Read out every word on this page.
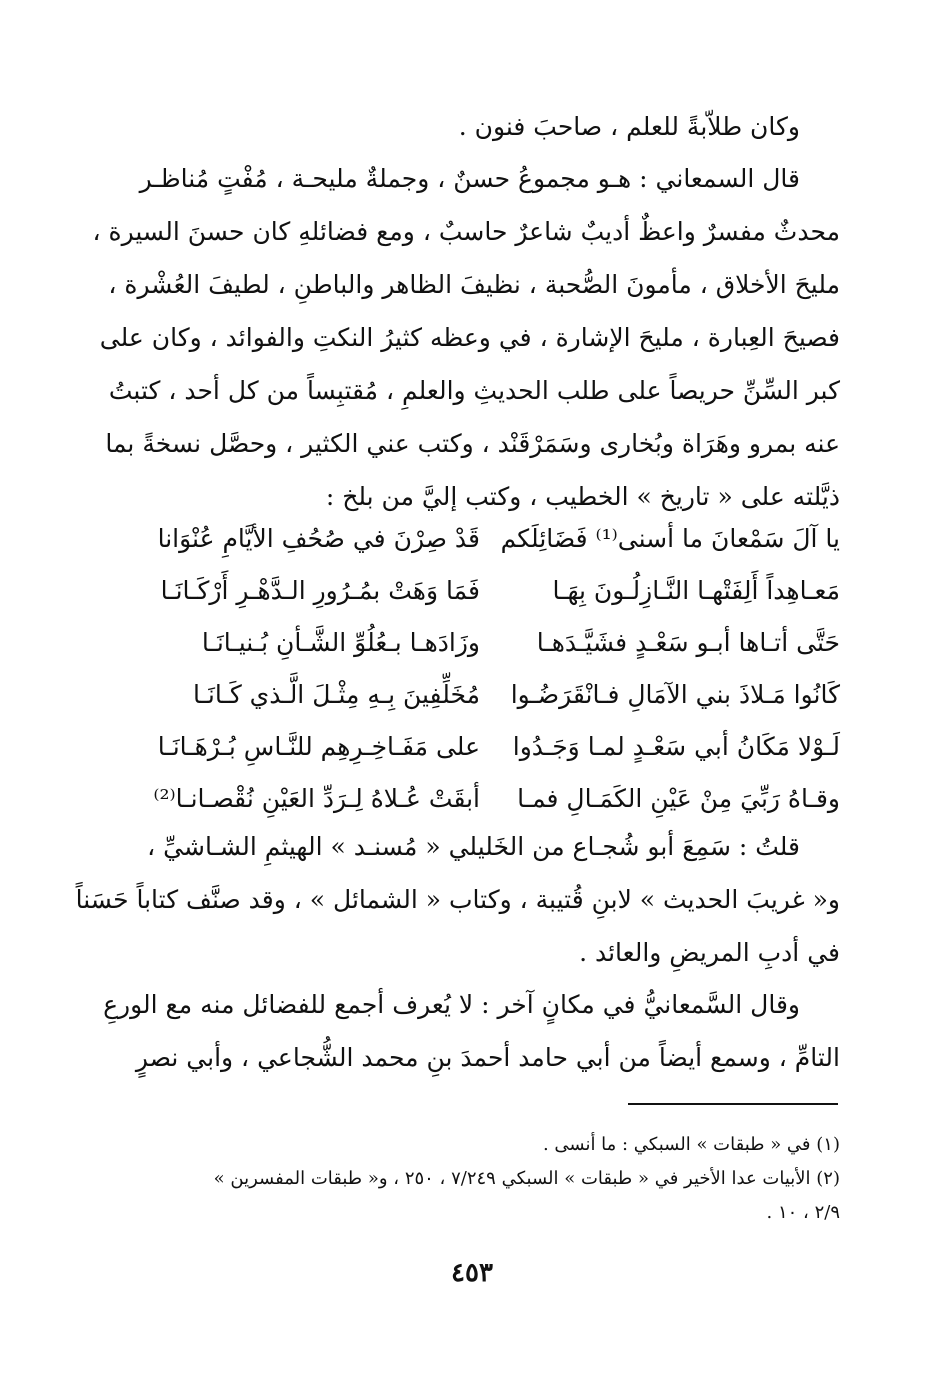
وكان طلاّبةً للعلم ، صاحبَ فنون .
قال السمعاني : هـو مجموعُ حسنٌ ، وجملةٌ مليحـة ، مُفْتٍ مُناظـر
محدثٌ مفسرٌ واعظٌ أديبٌ شاعرٌ حاسبٌ ، ومع فضائلهِ كان حسنَ السيرة ،
مليحَ الأخلاق ، مأمونَ الصُّحبة ، نظيفَ الظاهر والباطنِ ، لطيفَ العُشْرة ،
فصيحَ العِبارة ، مليحَ الإشارة ، في وعظه كثيرُ النكتِ والفوائد ، وكان على
كبر السِّنِّ حريصاً على طلب الحديثِ والعلمِ ، مُقتبِساً من كل أحد ، كتبتُ
عنه بمرو وهَرَاة وبُخارى وسَمَرْقَنْد ، وكتب عني الكثير ، وحصَّل نسخةً بما
ذيَّلته على « تاريخ » الخطيب ، وكتب إليَّ من بلخ :
يا آلَ سَمْعانَ ما أسنى⁽¹⁾ فَضَائِلَكم
قَدْ صِرْنَ في صُحُفِ الأيَّامِ عُنْوَانا
مَعـاهِداً أَلِفَتْهـا النَّـازِلُـونَ بِهَـا
فَمَا وَهَتْ بمُـرُورِ الـدَّهْـرِ أَرْكَـانَـا
حَتَّى أتـاها أبـو سَعْـدٍ فشَيَّـدَهـا
وزَادَهـا بـعُلُوِّ الشَّـأنِ بُـنيـانَـا
كَانُوا مَـلاذَ بني الآمَالِ فـانْقَرَضُـوا
مُخَلِّفِينَ بِـهِ مِثْـلَ الَّـذي كَـانَـا
لَـوْلا مَكَانُ أبي سَعْـدٍ لمـا وَجَـدُوا
على مَفَـاخِـرِهِم للنَّـاسِ بُـرْهَـانَـا
وقـاهُ رَبِّيَ مِنْ عَيْنِ الكَمَـالِ فمـا
أبقَتْ عُـلاهُ لِـرَدِّ العَيْنِ نُقْصـانـا⁽²⁾
قلتُ : سَمِعَ أبو شُجـاع من الخَليلي « مُسنـد » الهيثمِ الشـاشيِّ ،
و« غريبَ الحديث » لابنِ قُتيبة ، وكتاب « الشمائل » ، وقد صنَّف كتاباً حَسَناً
في أدبِ المريضِ والعائد .
وقال السَّمعانيُّ في مكانٍ آخر : لا يُعرف أجمع للفضائل منه مع الورعِ
التامِّ ، وسمع أيضاً من أبي حامد أحمدَ بنِ محمد الشُّجاعي ، وأبي نصرٍ
(١) في « طبقات » السبكي : ما أنسى .
(٢) الأبيات عدا الأخير في « طبقات » السبكي ٧/٢٤٩ ، ٢٥٠ ، و« طبقات المفسرين »
٢/٩ ، ١٠ .
٤٥٣
